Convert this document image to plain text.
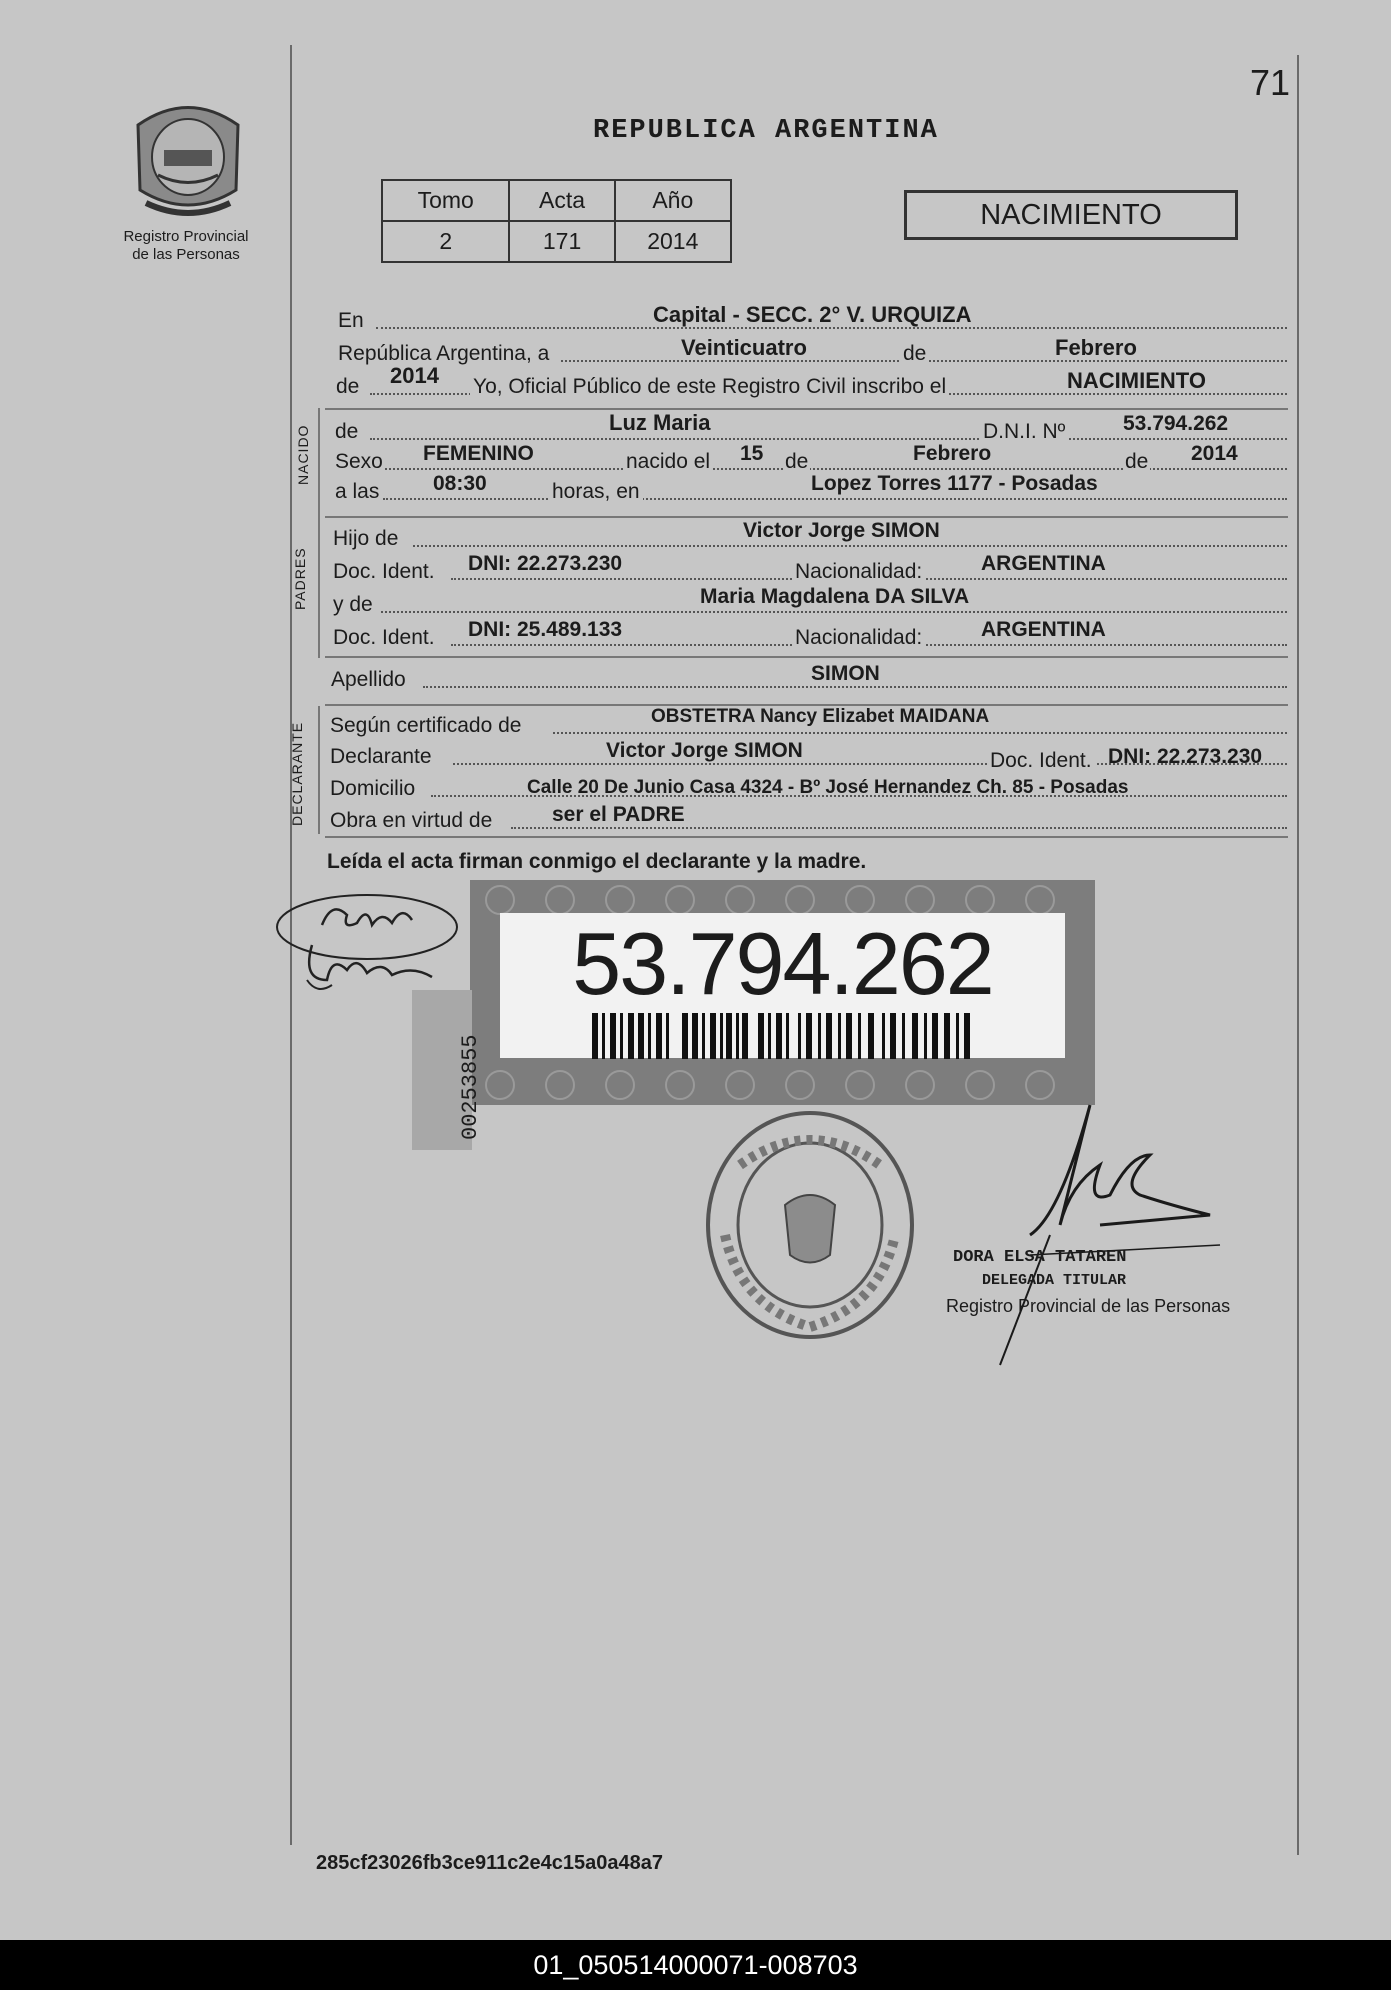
71
Registro Provincial
de las Personas
REPUBLICA ARGENTINA
Tomo	Acta	Año
2	171	2014
NACIMIENTO
En	Capital - SECC. 2° V. URQUIZA
República Argentina, a	Veinticuatro	de	Febrero
de 2014 Yo, Oficial Público de este Registro Civil inscribo el	NACIMIENTO
NACIDO de	Luz Maria	D.N.I. Nº	53.794.262
Sexo FEMENINO	nacido el 15 de	Febrero	de 2014
a las	08:30	horas, en	Lopez Torres 1177 - Posadas
PADRES
Hijo de	Victor Jorge SIMON
Doc. Ident. DNI: 22.273.230	Nacionalidad:	ARGENTINA
y de	Maria Magdalena DA SILVA
Doc. Ident. DNI: 25.489.133	Nacionalidad:	ARGENTINA
Apellido	SIMON
DECLARANTE Según certificado de	OBSTETRA Nancy Elizabet MAIDANA
Declarante	Victor Jorge SIMON	Doc. Ident. DNI: 22.273.230
Domicilio	Calle 20 De Junio Casa 4324 - Bº José Hernandez Ch. 85 - Posadas
Obra en virtud de	ser el PADRE
Leída el acta firman conmigo el declarante y la madre.
53.794.262
00253855
DORA ELSA TATAREN
DELEGADA TITULAR
Registro Provincial de las Personas
285cf23026fb3ce911c2e4c15a0a48a7
01_050514000071-008703
